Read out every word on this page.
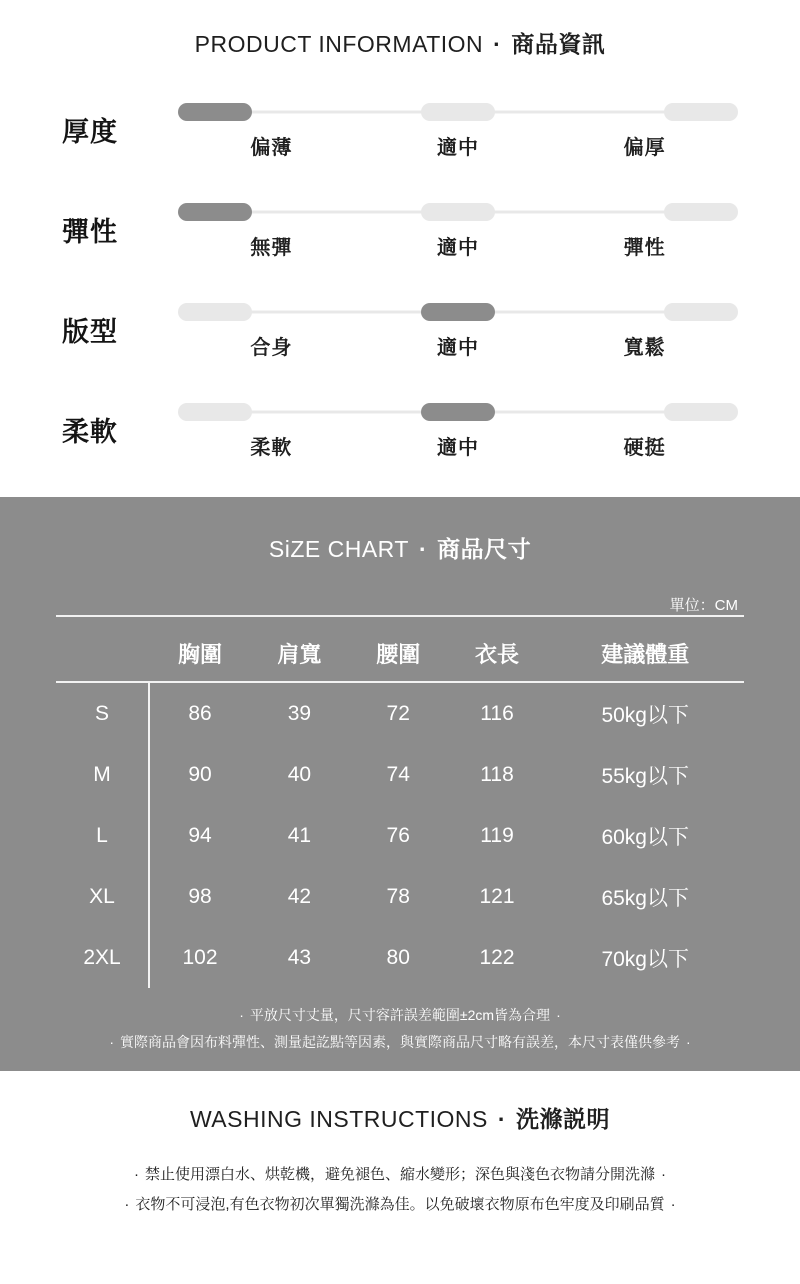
PRODUCT INFORMATION · 商品資訊
厚度
偏薄	適中	偏厚
彈性
無彈	適中	彈性
版型
合身	適中	寬鬆
柔軟
柔軟	適中	硬挺
SiZE CHART · 商品尺寸
單位：CM
	胸圍	肩寬	腰圍	衣長	建議體重
S	86	39	72	116	50kg以下
M	90	40	74	118	55kg以下
L	94	41	76	119	60kg以下
XL	98	42	78	121	65kg以下
2XL	102	43	80	122	70kg以下
· 平放尺寸丈量，尺寸容許誤差範圍±2cm皆為合理 ·
· 實際商品會因布料彈性、測量起訖點等因素，與實際商品尺寸略有誤差，本尺寸表僅供參考 ·
WASHING INSTRUCTIONS · 洗滌説明
· 禁止使用漂白水、烘乾機，避免褪色、縮水變形；深色與淺色衣物請分開洗滌 ·
· 衣物不可浸泡,有色衣物初次單獨洗滌為佳。以免破壞衣物原布色牢度及印刷品質 ·
